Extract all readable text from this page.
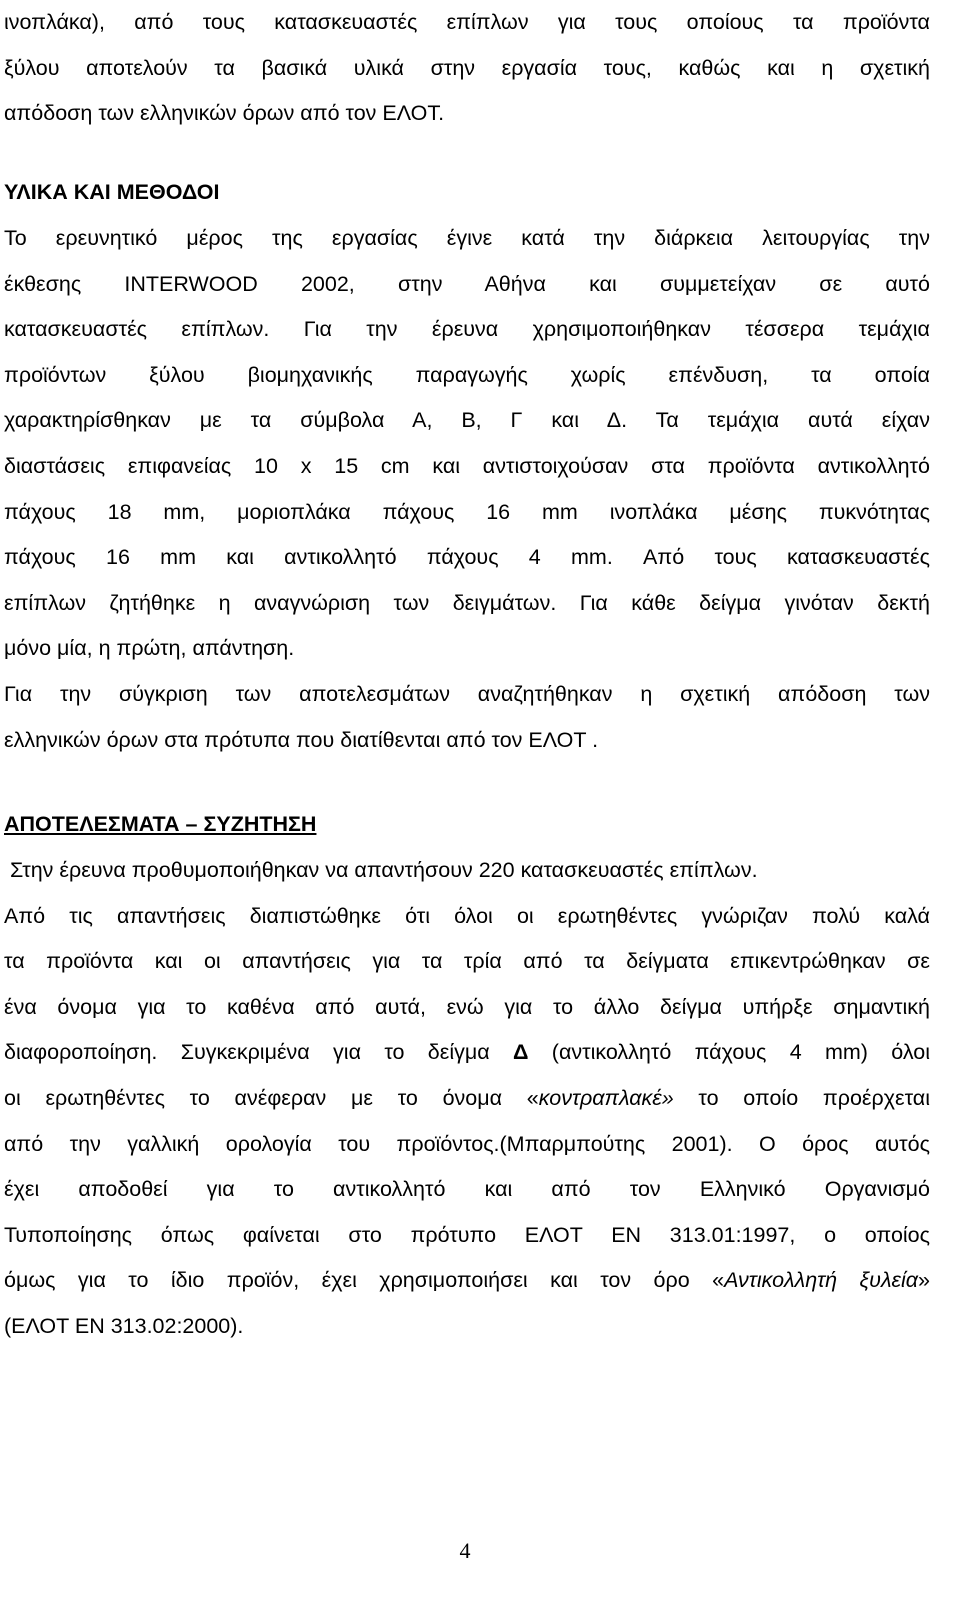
ινοπλάκα), από τους κατασκευαστές επίπλων για τους οποίους τα προϊόντα
ξύλου αποτελούν τα βασικά υλικά στην εργασία τους, καθώς και η σχετική
απόδοση των ελληνικών όρων από τον ΕΛΟΤ.
ΥΛΙΚΑ ΚΑΙ ΜΕΘΟΔΟΙ
Το ερευνητικό μέρος της εργασίας έγινε κατά την διάρκεια λειτουργίας την
έκθεσης INTERWOOD 2002, στην Αθήνα και συμμετείχαν σε αυτό
κατασκευαστές επίπλων. Για την έρευνα χρησιμοποιήθηκαν τέσσερα τεμάχια
προϊόντων ξύλου βιομηχανικής παραγωγής χωρίς επένδυση, τα οποία
χαρακτηρίσθηκαν με τα σύμβολα Α, Β, Γ και Δ. Τα τεμάχια αυτά είχαν
διαστάσεις επιφανείας 10 x 15 cm και αντιστοιχούσαν στα προϊόντα αντικολλητό
πάχους 18 mm, μοριοπλάκα πάχους 16 mm ινοπλάκα μέσης πυκνότητας
πάχους 16 mm και αντικολλητό πάχους 4 mm. Από τους κατασκευαστές
επίπλων ζητήθηκε η αναγνώριση των δειγμάτων. Για κάθε δείγμα γινόταν δεκτή
μόνο μία, η πρώτη, απάντηση.
Για την σύγκριση των αποτελεσμάτων αναζητήθηκαν η σχετική απόδοση των
ελληνικών όρων στα πρότυπα που διατίθενται από τον ΕΛΟΤ .
ΑΠΟΤΕΛΕΣΜΑΤΑ – ΣΥΖΗΤΗΣΗ
Στην έρευνα προθυμοποιήθηκαν να απαντήσουν 220 κατασκευαστές επίπλων.
Από τις απαντήσεις διαπιστώθηκε ότι όλοι οι ερωτηθέντες γνώριζαν πολύ καλά
τα προϊόντα και οι απαντήσεις για τα τρία από τα δείγματα επικεντρώθηκαν σε
ένα όνομα για το καθένα από αυτά, ενώ για το άλλο δείγμα υπήρξε σημαντική
διαφοροποίηση. Συγκεκριμένα για το δείγμα Δ (αντικολλητό πάχους 4 mm) όλοι
οι ερωτηθέντες το ανέφεραν με το όνομα «κοντραπλακέ» το οποίο προέρχεται
από την γαλλική ορολογία του προϊόντος.(Μπαρμπούτης 2001). Ο όρος αυτός
έχει αποδοθεί για το αντικολλητό και από τον Ελληνικό Οργανισμό
Τυποποίησης όπως φαίνεται στο πρότυπο ΕΛΟΤ ΕΝ 313.01:1997, ο οποίος
όμως για το ίδιο προϊόν, έχει χρησιμοποιήσει και τον όρο «Αντικολλητή ξυλεία»
(ΕΛΟΤ ΕΝ 313.02:2000).
4
